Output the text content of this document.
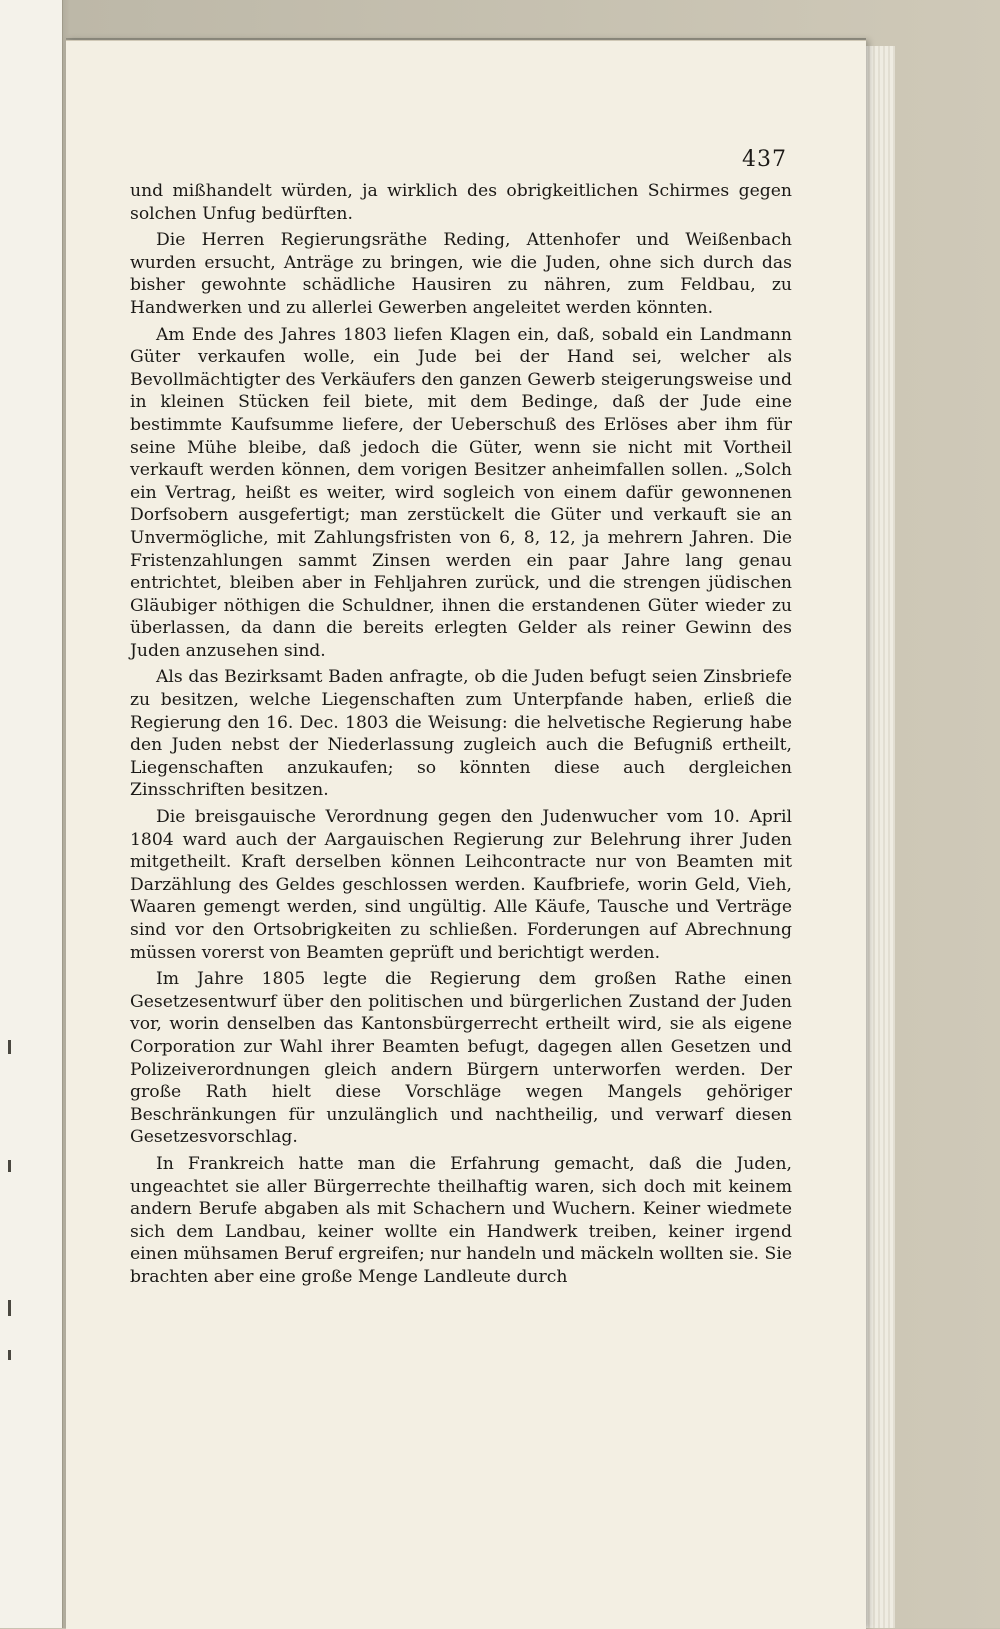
437

und mißhandelt würden, ja wirklich des obrigkeitlichen Schirmes gegen solchen Unfug bedürften.

Die Herren Regierungsräthe Reding, Attenhofer und Weißenbach wurden ersucht, Anträge zu bringen, wie die Juden, ohne sich durch das bisher gewohnte schädliche Hausiren zu nähren, zum Feldbau, zu Handwerken und zu allerlei Gewerben angeleitet werden könnten.

Am Ende des Jahres 1803 liefen Klagen ein, daß, sobald ein Landmann Güter verkaufen wolle, ein Jude bei der Hand sei, welcher als Bevollmächtigter des Verkäufers den ganzen Gewerb steigerungsweise und in kleinen Stücken feil biete, mit dem Bedinge, daß der Jude eine bestimmte Kaufsumme liefere, der Ueberschuß des Erlöses aber ihm für seine Mühe bleibe, daß jedoch die Güter, wenn sie nicht mit Vortheil verkauft werden können, dem vorigen Besitzer anheimfallen sollen. „Solch ein Vertrag, heißt es weiter, wird sogleich von einem dafür gewonnenen Dorfsobern ausgefertigt; man zerstückelt die Güter und verkauft sie an Unvermögliche, mit Zahlungsfristen von 6, 8, 12, ja mehrern Jahren. Die Fristenzahlungen sammt Zinsen werden ein paar Jahre lang genau entrichtet, bleiben aber in Fehljahren zurück, und die strengen jüdischen Gläubiger nöthigen die Schuldner, ihnen die erstandenen Güter wieder zu überlassen, da dann die bereits erlegten Gelder als reiner Gewinn des Juden anzusehen sind.

Als das Bezirksamt Baden anfragte, ob die Juden befugt seien Zinsbriefe zu besitzen, welche Liegenschaften zum Unterpfande haben, erließ die Regierung den 16. Dec. 1803 die Weisung: die helvetische Regierung habe den Juden nebst der Niederlassung zugleich auch die Befugniß ertheilt, Liegenschaften anzukaufen; so könnten diese auch dergleichen Zinsschriften besitzen.

Die breisgauische Verordnung gegen den Judenwucher vom 10. April 1804 ward auch der Aargauischen Regierung zur Belehrung ihrer Juden mitgetheilt. Kraft derselben können Leihcontracte nur von Beamten mit Darzählung des Geldes geschlossen werden. Kaufbriefe, worin Geld, Vieh, Waaren gemengt werden, sind ungültig. Alle Käufe, Tausche und Verträge sind vor den Ortsobrigkeiten zu schließen. Forderungen auf Abrechnung müssen vorerst von Beamten geprüft und berichtigt werden.

Im Jahre 1805 legte die Regierung dem großen Rathe einen Gesetzesentwurf über den politischen und bürgerlichen Zustand der Juden vor, worin denselben das Kantonsbürgerrecht ertheilt wird, sie als eigene Corporation zur Wahl ihrer Beamten befugt, dagegen allen Gesetzen und Polizeiverordnungen gleich andern Bürgern unterworfen werden. Der große Rath hielt diese Vorschläge wegen Mangels gehöriger Beschränkungen für unzulänglich und nachtheilig, und verwarf diesen Gesetzesvorschlag.

In Frankreich hatte man die Erfahrung gemacht, daß die Juden, ungeachtet sie aller Bürgerrechte theilhaftig waren, sich doch mit keinem andern Berufe abgaben als mit Schachern und Wuchern. Keiner wiedmete sich dem Landbau, keiner wollte ein Handwerk treiben, keiner irgend einen mühsamen Beruf ergreifen; nur handeln und mäckeln wollten sie. Sie brachten aber eine große Menge Landleute durch
